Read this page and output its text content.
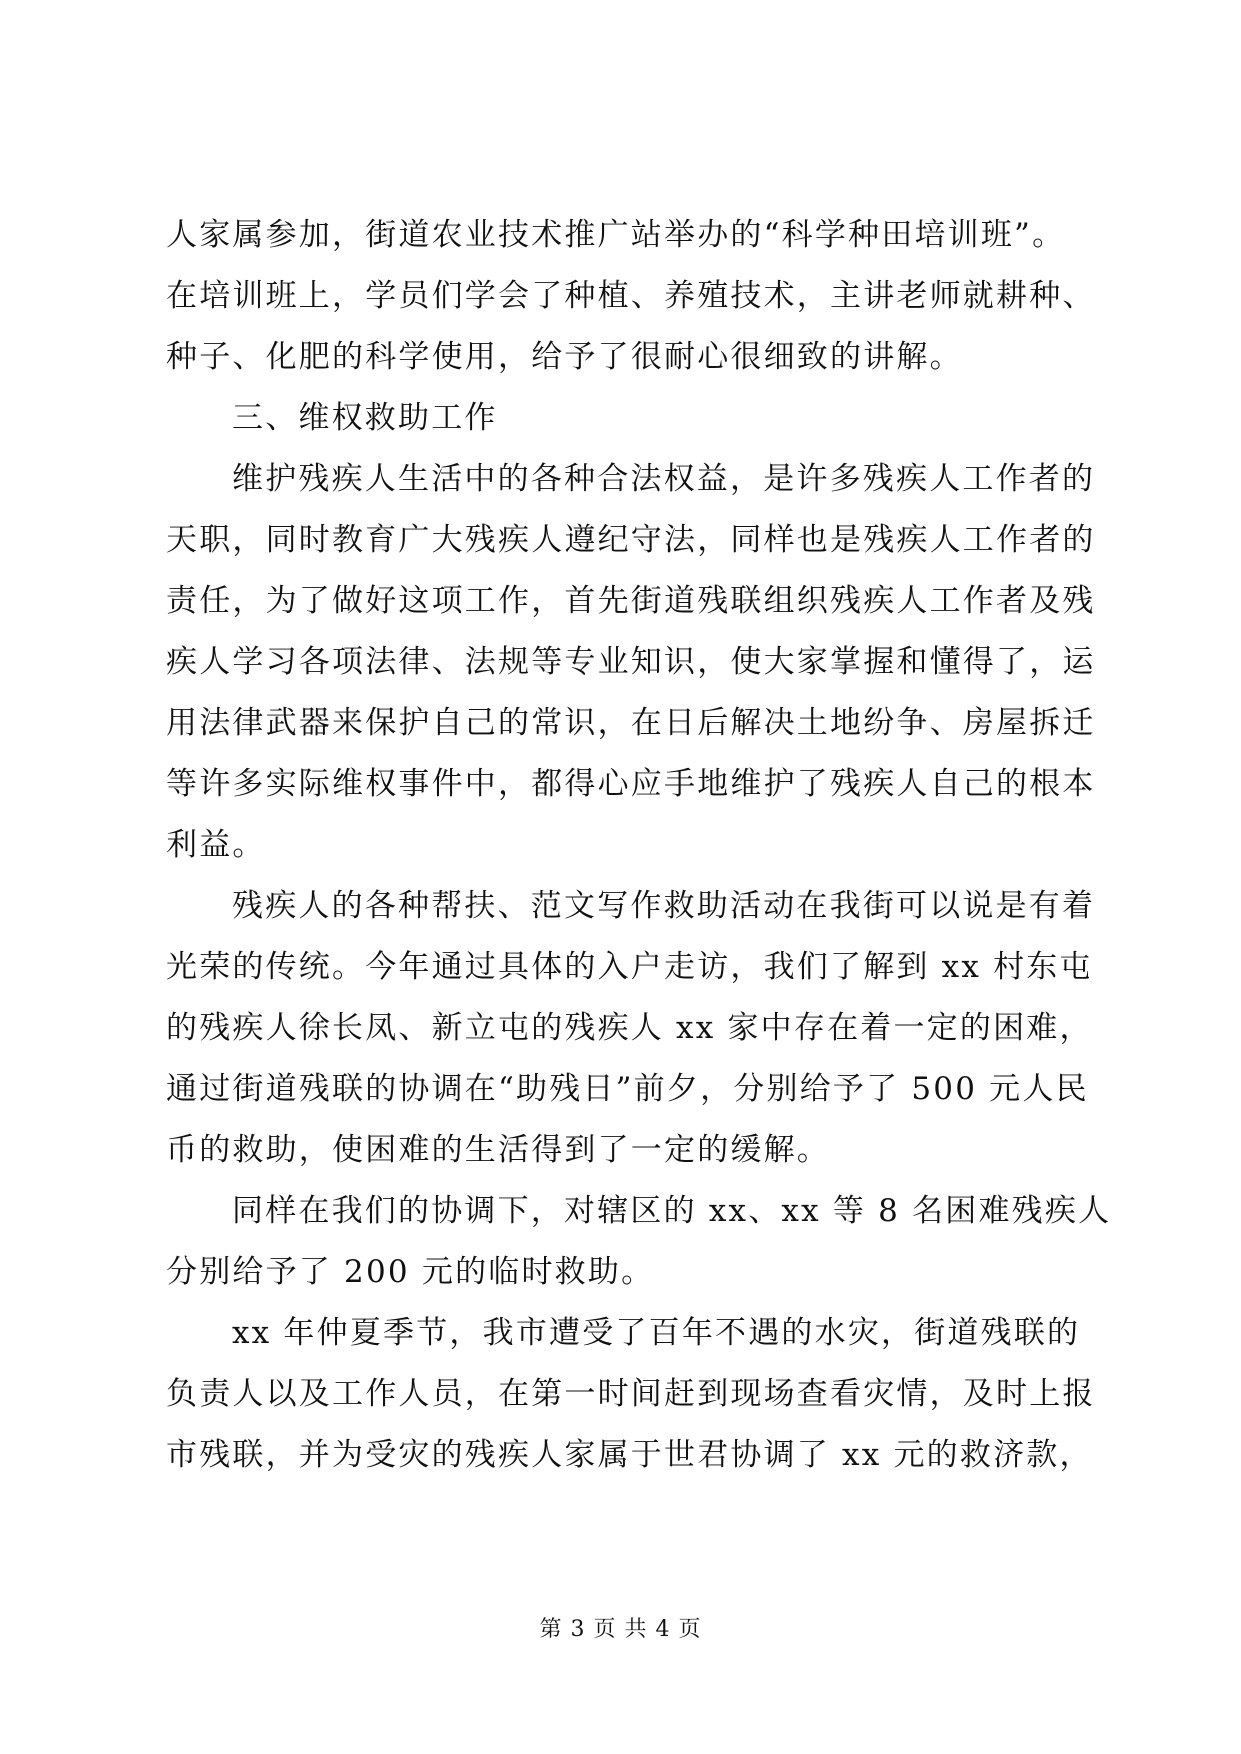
人家属参加，街道农业技术推广站举办的“科学种田培训班”。
在培训班上，学员们学会了种植、养殖技术，主讲老师就耕种、
种子、化肥的科学使用，给予了很耐心很细致的讲解。
三、维权救助工作
维护残疾人生活中的各种合法权益，是许多残疾人工作者的
天职，同时教育广大残疾人遵纪守法，同样也是残疾人工作者的
责任，为了做好这项工作，首先街道残联组织残疾人工作者及残
疾人学习各项法律、法规等专业知识，使大家掌握和懂得了，运
用法律武器来保护自己的常识，在日后解决土地纷争、房屋拆迁
等许多实际维权事件中，都得心应手地维护了残疾人自己的根本
利益。
残疾人的各种帮扶、范文写作救助活动在我街可以说是有着
光荣的传统。今年通过具体的入户走访，我们了解到 xx 村东屯
的残疾人徐长凤、新立屯的残疾人 xx 家中存在着一定的困难，
通过街道残联的协调在“助残日”前夕，分别给予了 500 元人民
币的救助，使困难的生活得到了一定的缓解。
同样在我们的协调下，对辖区的 xx、xx 等 8 名困难残疾人
分别给予了 200 元的临时救助。
xx 年仲夏季节，我市遭受了百年不遇的水灾，街道残联的
负责人以及工作人员，在第一时间赶到现场查看灾情，及时上报
市残联，并为受灾的残疾人家属于世君协调了 xx 元的救济款，
第 3 页 共 4 页
